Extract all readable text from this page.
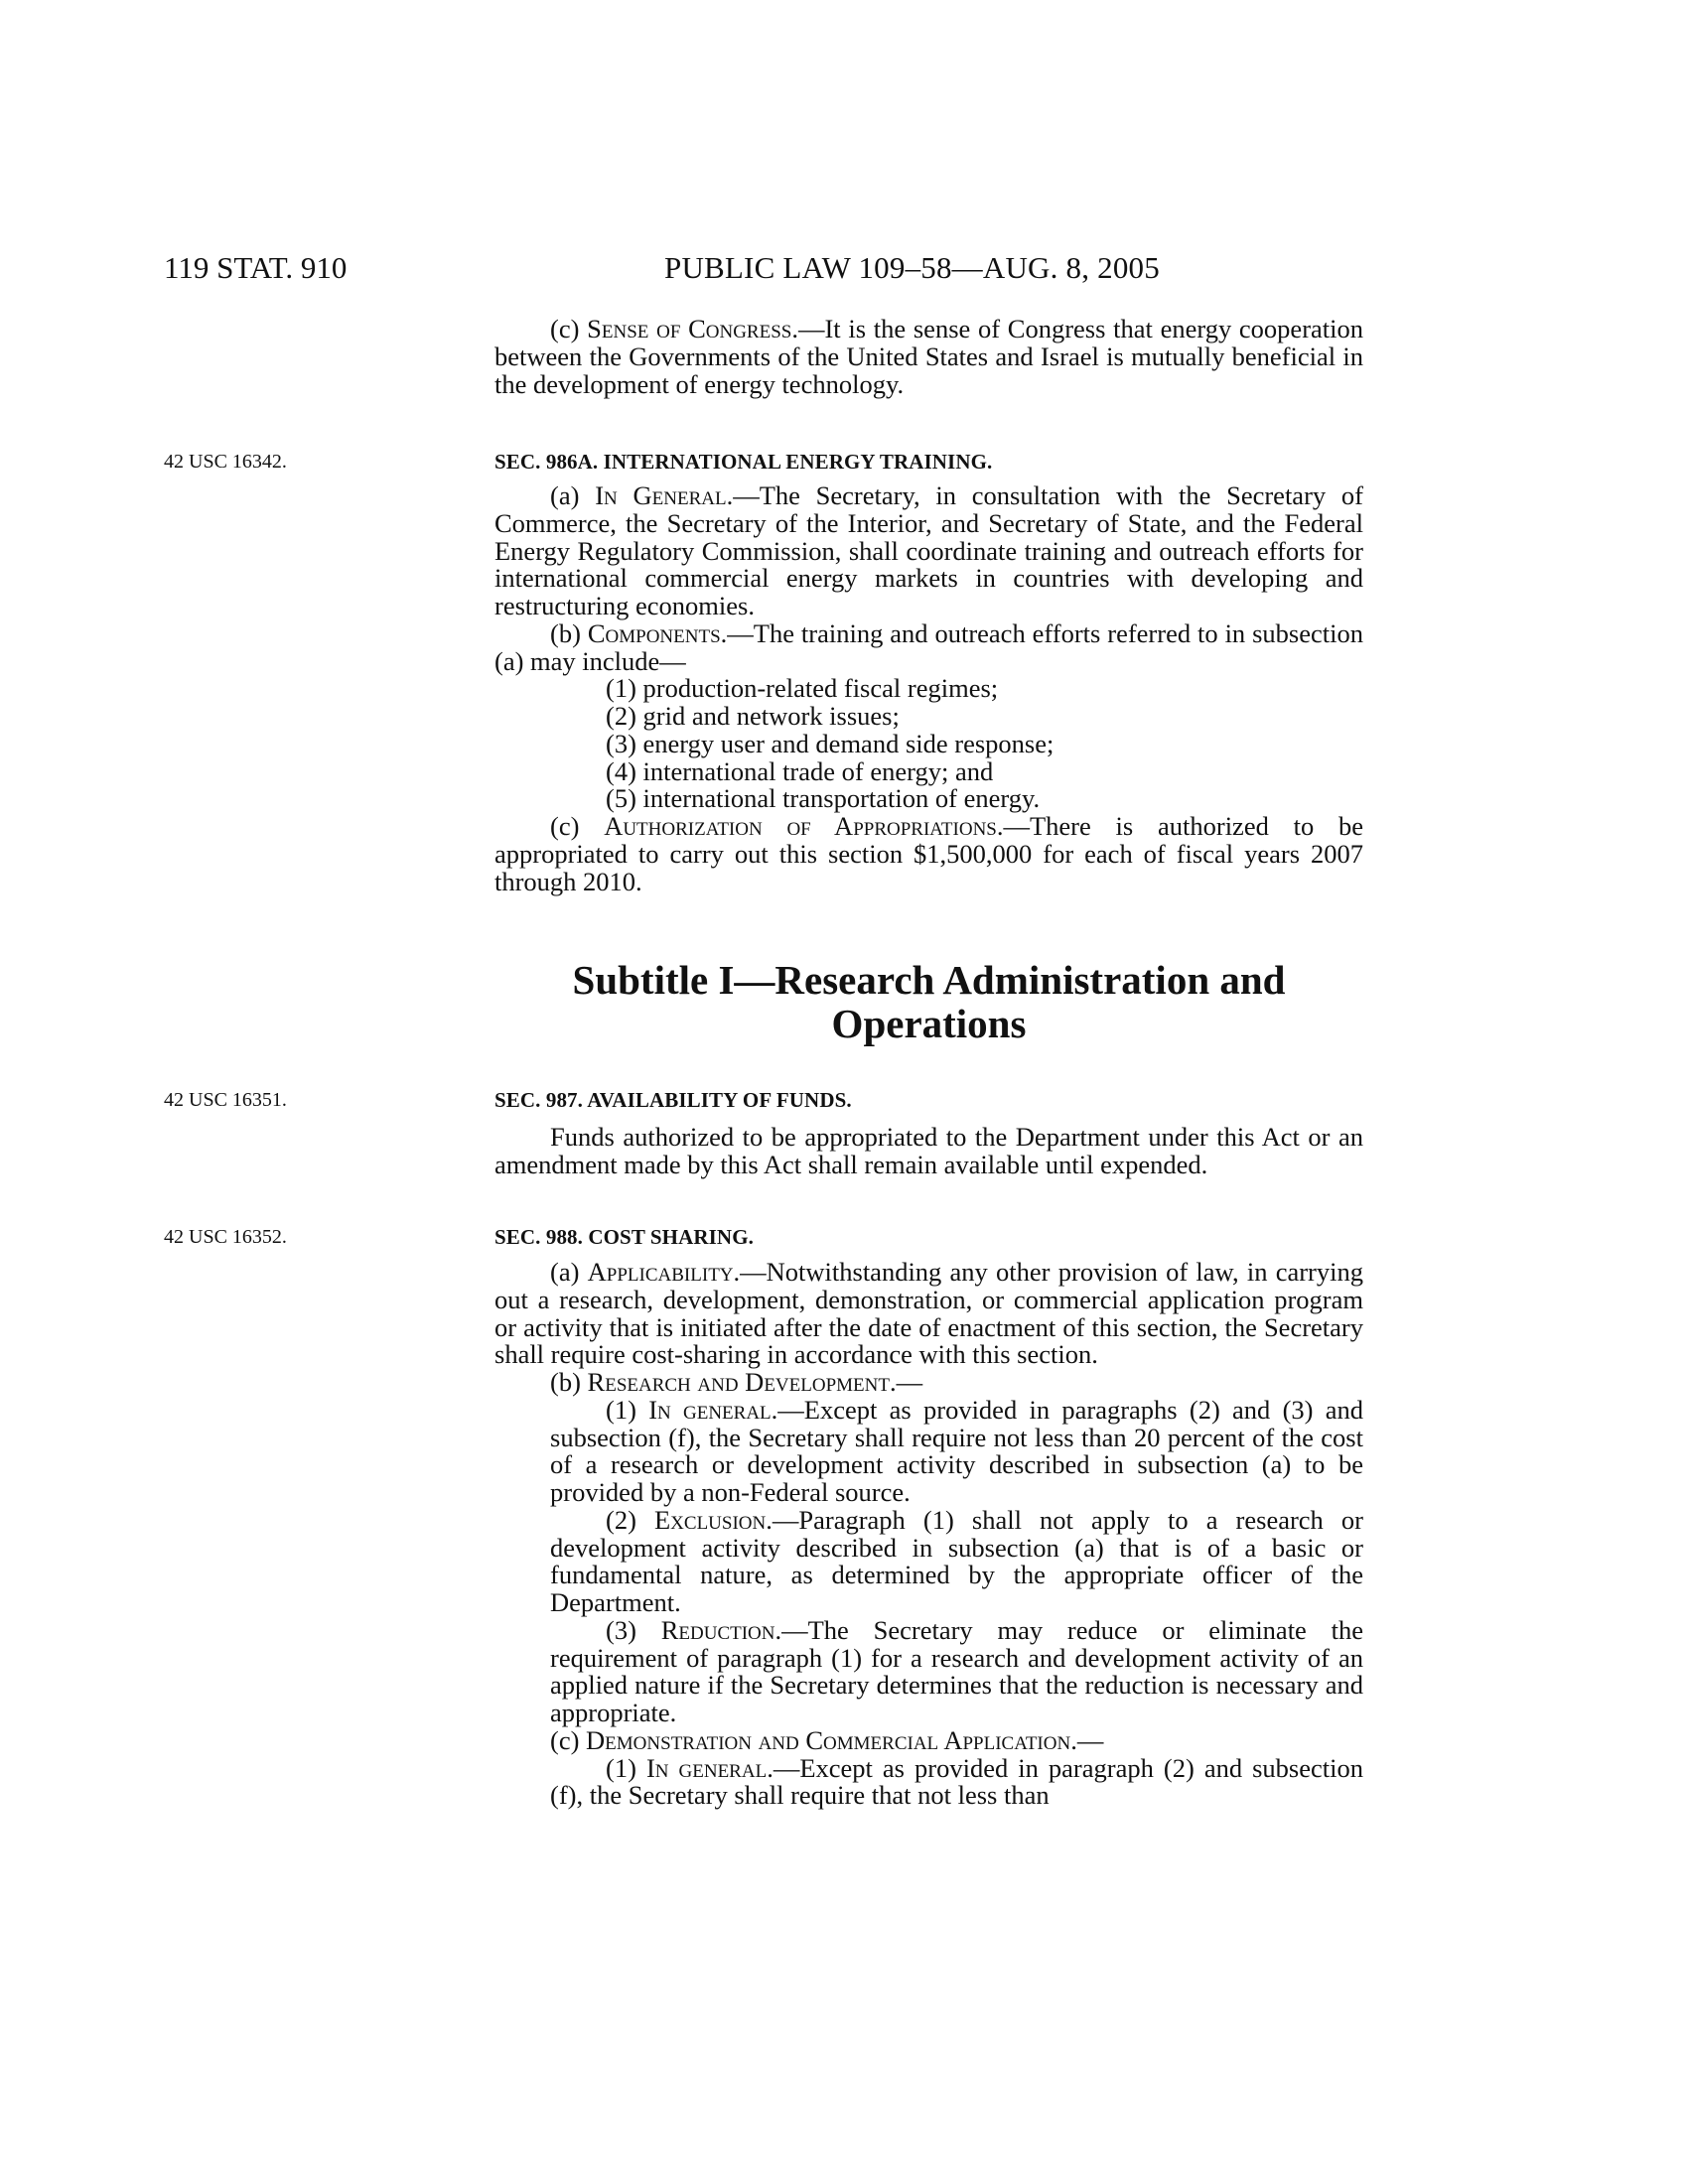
119 STAT. 910	PUBLIC LAW 109–58—AUG. 8, 2005

(c) Sense of Congress.—It is the sense of Congress that energy cooperation between the Governments of the United States and Israel is mutually beneficial in the development of energy technology.

42 USC 16342.	SEC. 986A. INTERNATIONAL ENERGY TRAINING.

(a) In General.—The Secretary, in consultation with the Secretary of Commerce, the Secretary of the Interior, and Secretary of State, and the Federal Energy Regulatory Commission, shall coordinate training and outreach efforts for international commercial energy markets in countries with developing and restructuring economies.

(b) Components.—The training and outreach efforts referred to in subsection (a) may include—

(1) production-related fiscal regimes;

(2) grid and network issues;

(3) energy user and demand side response;

(4) international trade of energy; and

(5) international transportation of energy.

(c) Authorization of Appropriations.—There is authorized to be appropriated to carry out this section $1,500,000 for each of fiscal years 2007 through 2010.

Subtitle I—Research Administration and
Operations
42 USC 16351.	SEC. 987. AVAILABILITY OF FUNDS.

Funds authorized to be appropriated to the Department under this Act or an amendment made by this Act shall remain available until expended.

42 USC 16352.	SEC. 988. COST SHARING.

(a) Applicability.—Notwithstanding any other provision of law, in carrying out a research, development, demonstration, or commercial application program or activity that is initiated after the date of enactment of this section, the Secretary shall require cost-sharing in accordance with this section.

(b) Research and Development.—

(1) In general.—Except as provided in paragraphs (2) and (3) and subsection (f), the Secretary shall require not less than 20 percent of the cost of a research or development activity described in subsection (a) to be provided by a non-Federal source.

(2) Exclusion.—Paragraph (1) shall not apply to a research or development activity described in subsection (a) that is of a basic or fundamental nature, as determined by the appropriate officer of the Department.

(3) Reduction.—The Secretary may reduce or eliminate the requirement of paragraph (1) for a research and development activity of an applied nature if the Secretary determines that the reduction is necessary and appropriate.

(c) Demonstration and Commercial Application.—

(1) In general.—Except as provided in paragraph (2) and subsection (f), the Secretary shall require that not less than
